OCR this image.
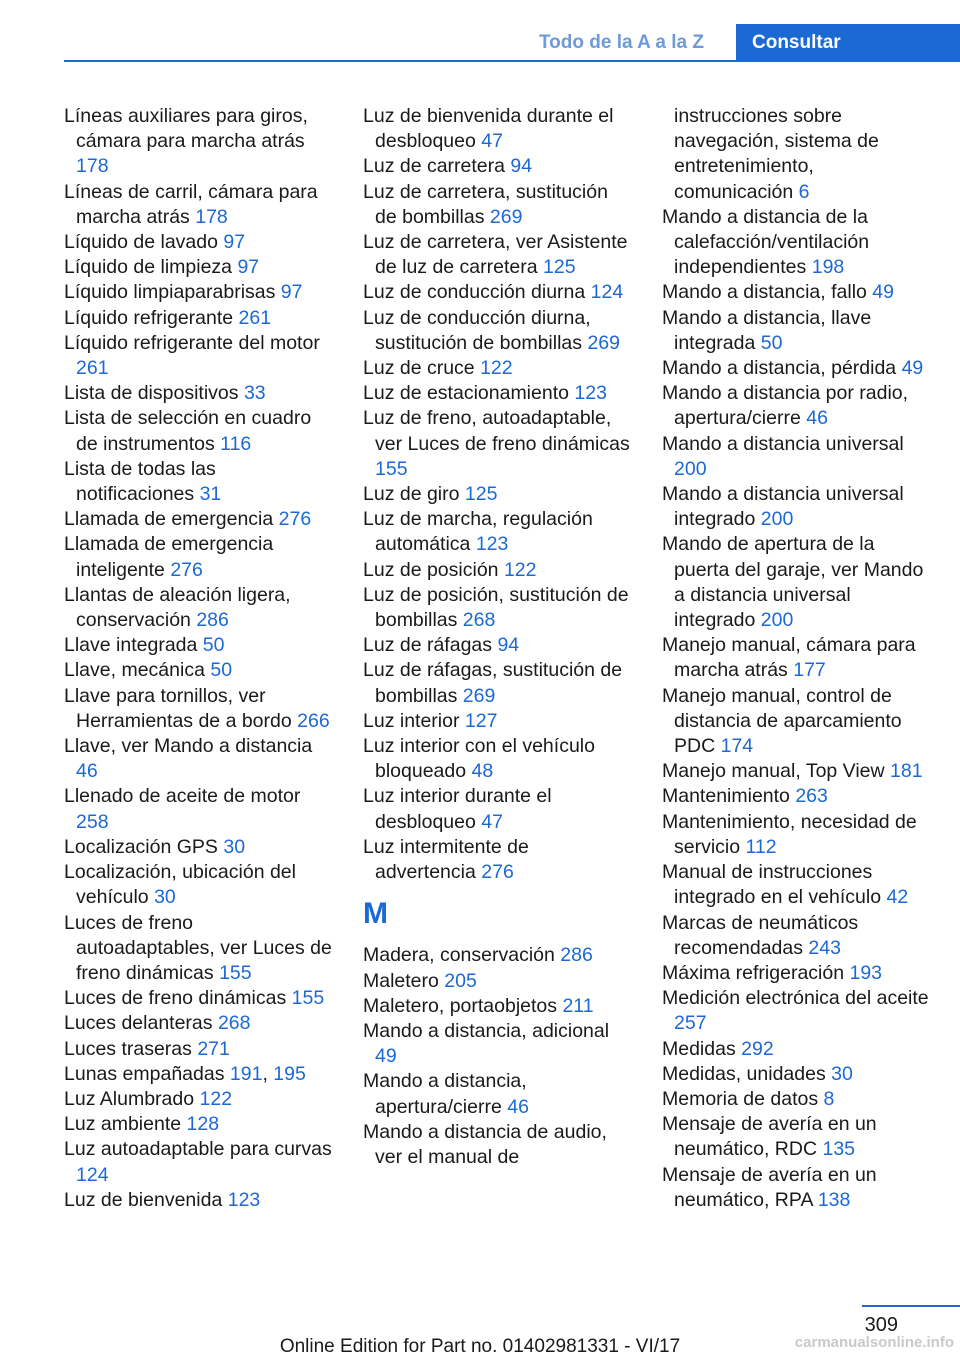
Todo de la A a la Z	Consultar

Líneas auxiliares para giros, cámara para marcha atrás 178

Líneas de carril, cámara para marcha atrás 178

Líquido de lavado 97

Líquido de limpieza 97

Líquido limpiaparabrisas 97

Líquido refrigerante 261

Líquido refrigerante del motor 261

Lista de dispositivos 33

Lista de selección en cuadro de instrumentos 116

Lista de todas las notificaciones 31

Llamada de emergencia 276

Llamada de emergencia inteligente 276

Llantas de aleación ligera, conservación 286

Llave integrada 50

Llave, mecánica 50

Llave para tornillos, ver Herramientas de a bordo 266

Llave, ver Mando a distancia 46

Llenado de aceite de motor 258

Localización GPS 30

Localización, ubicación del vehículo 30

Luces de freno autoadaptables, ver Luces de freno dinámicas 155

Luces de freno dinámicas 155

Luces delanteras 268

Luces traseras 271

Lunas empañadas 191, 195

Luz Alumbrado 122

Luz ambiente 128

Luz autoadaptable para curvas 124

Luz de bienvenida 123

Luz de bienvenida durante el desbloqueo 47

Luz de carretera 94

Luz de carretera, sustitución de bombillas 269

Luz de carretera, ver Asistente de luz de carretera 125

Luz de conducción diurna 124

Luz de conducción diurna, sustitución de bombillas 269

Luz de cruce 122

Luz de estacionamiento 123

Luz de freno, autoadaptable, ver Luces de freno dinámicas 155

Luz de giro 125

Luz de marcha, regulación automática 123

Luz de posición 122

Luz de posición, sustitución de bombillas 268

Luz de ráfagas 94

Luz de ráfagas, sustitución de bombillas 269

Luz interior 127

Luz interior con el vehículo bloqueado 48

Luz interior durante el desbloqueo 47

Luz intermitente de advertencia 276

M

Madera, conservación 286

Maletero 205

Maletero, portaobjetos 211

Mando a distancia, adicional 49

Mando a distancia, apertura/cierre 46

Mando a distancia de audio, ver el manual de

instrucciones sobre navegación, sistema de entretenimiento, comunicación 6

Mando a distancia de la calefacción/ventilación independientes 198

Mando a distancia, fallo 49

Mando a distancia, llave integrada 50

Mando a distancia, pérdida 49

Mando a distancia por radio, apertura/cierre 46

Mando a distancia universal 200

Mando a distancia universal integrado 200

Mando de apertura de la puerta del garaje, ver Mando a distancia universal integrado 200

Manejo manual, cámara para marcha atrás 177

Manejo manual, control de distancia de aparcamiento PDC 174

Manejo manual, Top View 181

Mantenimiento 263

Mantenimiento, necesidad de servicio 112

Manual de instrucciones integrado en el vehículo 42

Marcas de neumáticos recomendadas 243

Máxima refrigeración 193

Medición electrónica del aceite 257

Medidas 292

Medidas, unidades 30

Memoria de datos 8

Mensaje de avería en un neumático, RDC 135

Mensaje de avería en un neumático, RPA 138

309
Online Edition for Part no. 01402981331 - VI/17	carmanualsonline.info
